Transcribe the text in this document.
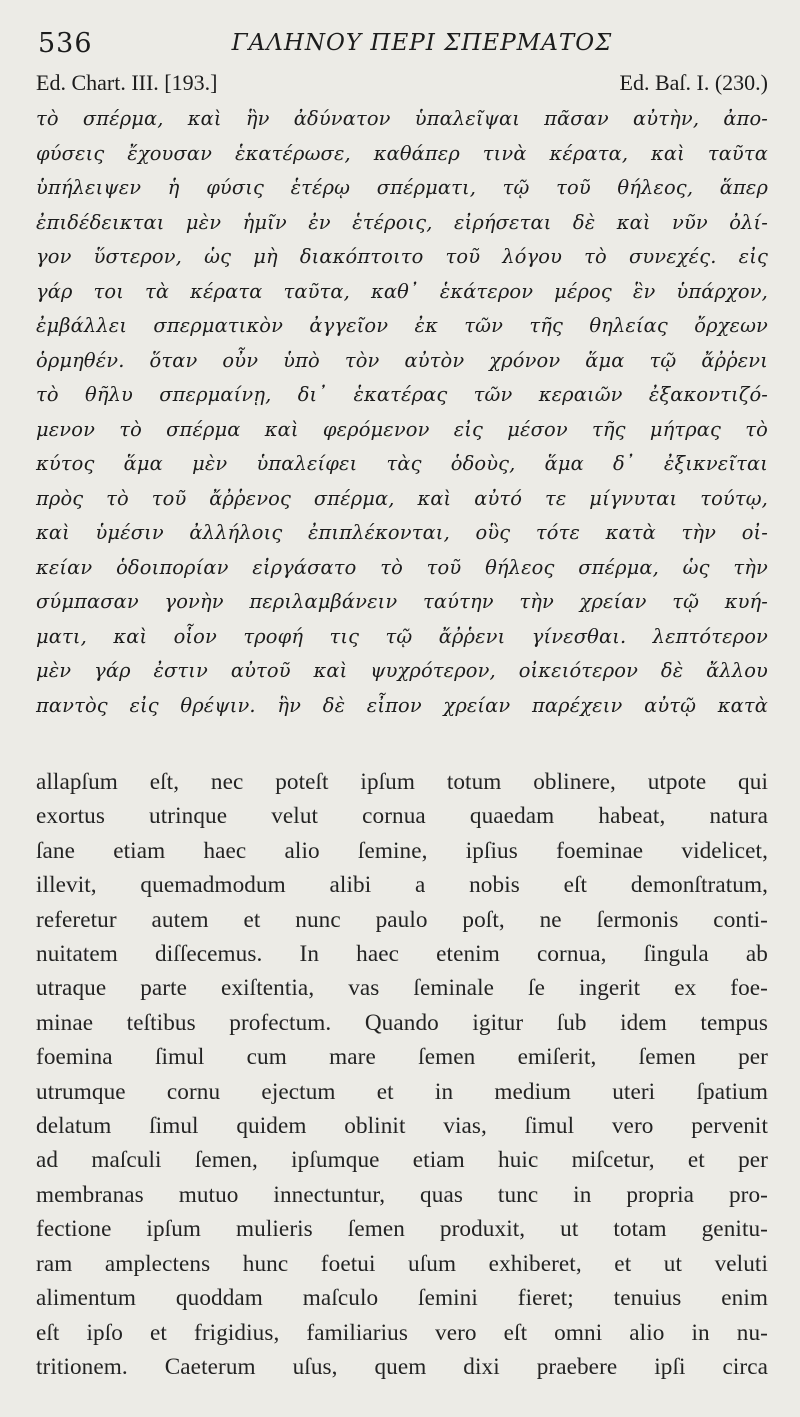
536	ΓΑΛΗΝΟΥ ΠΕΡΙ ΣΠΕΡΜΑΤΟΣ
Ed. Chart. III. [193.]	Ed. Baſ. I. (230.)
τὸ σπέρμα, καὶ ἣν ἀδύνατον ὑπαλεῖψαι πᾶσαν αὐτὴν, ἀπο-
φύσεις ἔχουσαν ἑκατέρωσε, καθάπερ τινὰ κέρατα, καὶ ταῦτα
ὑπήλειψεν ἡ φύσις ἑτέρῳ σπέρματι, τῷ τοῦ θήλεος, ἅπερ
ἐπιδέδεικται μὲν ἡμῖν ἐν ἑτέροις, εἰρήσεται δὲ καὶ νῦν ὀλί-
γον ὕστερον, ὡς μὴ διακόπτοιτο τοῦ λόγου τὸ συνεχές. εἰς
γάρ τοι τὰ κέρατα ταῦτα, καθ᾽ ἑκάτερον μέρος ἓν ὑπάρχον,
ἐμβάλλει σπερματικὸν ἀγγεῖον ἐκ τῶν τῆς θηλείας ὄρχεων
ὁρμηθέν. ὅταν οὖν ὑπὸ τὸν αὐτὸν χρόνον ἅμα τῷ ἄῤῥενι
τὸ θῆλυ σπερμαίνῃ, δι᾽ ἑκατέρας τῶν κεραιῶν ἐξακοντιζό-
μενον τὸ σπέρμα καὶ φερόμενον εἰς μέσον τῆς μήτρας τὸ
κύτος ἅμα μὲν ὑπαλείφει τὰς ὁδοὺς, ἅμα δ᾽ ἐξικνεῖται
πρὸς τὸ τοῦ ἄῤῥενος σπέρμα, καὶ αὐτό τε μίγνυται τούτῳ,
καὶ ὑμέσιν ἀλλήλοις ἐπιπλέκονται, οὓς τότε κατὰ τὴν οἰ-
κείαν ὁδοιπορίαν εἰργάσατο τὸ τοῦ θήλεος σπέρμα, ὡς τὴν
σύμπασαν γονὴν περιλαμβάνειν ταύτην τὴν χρείαν τῷ κυή-
ματι, καὶ οἷον τροφή τις τῷ ἄῤῥενι γίνεσθαι. λεπτότερον
μὲν γάρ ἐστιν αὐτοῦ καὶ ψυχρότερον, οἰκειότερον δὲ ἄλλου
παντὸς εἰς θρέψιν. ἣν δὲ εἶπον χρείαν παρέχειν αὐτῷ κατὰ
allapſum eſt, nec poteſt ipſum totum oblinere, utpote qui
exortus utrinque velut cornua quaedam habeat, natura
ſane etiam haec alio ſemine, ipſius foeminae videlicet,
illevit, quemadmodum alibi a nobis eſt demonſtratum,
referetur autem et nunc paulo poſt, ne ſermonis conti-
nuitatem diſſecemus. In haec etenim cornua, ſingula ab
utraque parte exiſtentia, vas ſeminale ſe ingerit ex foe-
minae teſtibus profectum. Quando igitur ſub idem tempus
foemina ſimul cum mare ſemen emiſerit, ſemen per
utrumque cornu ejectum et in medium uteri ſpatium
delatum ſimul quidem oblinit vias, ſimul vero pervenit
ad maſculi ſemen, ipſumque etiam huic miſcetur, et per
membranas mutuo innectuntur, quas tunc in propria pro-
fectione ipſum mulieris ſemen produxit, ut totam genitu-
ram amplectens hunc foetui uſum exhiberet, et ut veluti
alimentum quoddam maſculo ſemini fieret; tenuius enim
eſt ipſo et frigidius, familiarius vero eſt omni alio in nu-
tritionem. Caeterum uſus, quem dixi praebere ipſi circa
